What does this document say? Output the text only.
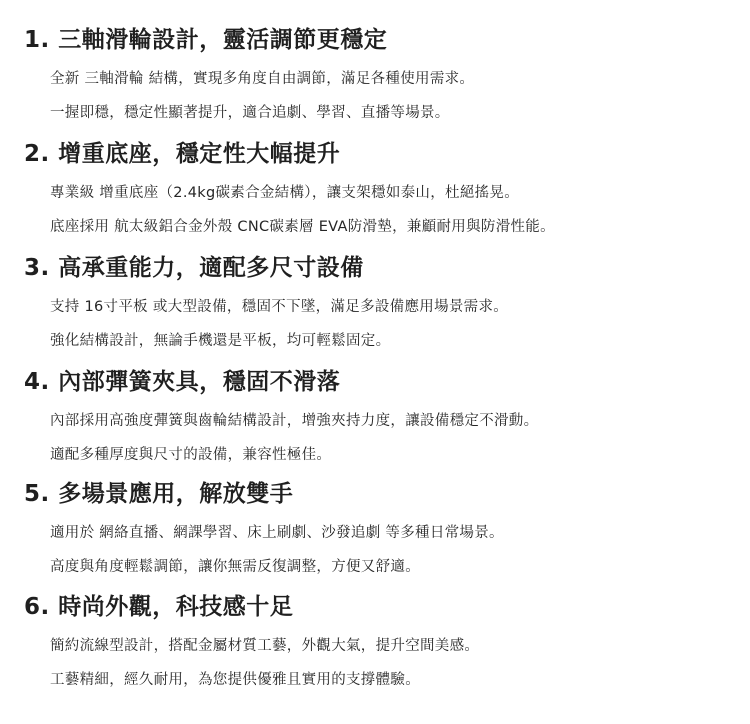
1. 三軸滑輪設計，靈活調節更穩定
全新 三軸滑輪 結構，實現多角度自由調節，滿足各種使用需求。
一握即穩，穩定性顯著提升，適合追劇、學習、直播等場景。
2. 增重底座，穩定性大幅提升
專業級 增重底座（2.4kg碳素合金結構），讓支架穩如泰山，杜絕搖晃。
底座採用 航太級鋁合金外殼 CNC碳素層 EVA防滑墊，兼顧耐用與防滑性能。
3. 高承重能力，適配多尺寸設備
支持 16寸平板 或大型設備，穩固不下墜，滿足多設備應用場景需求。
強化結構設計，無論手機還是平板，均可輕鬆固定。
4. 內部彈簧夾具，穩固不滑落
內部採用高強度彈簧與齒輪結構設計，增強夾持力度，讓設備穩定不滑動。
適配多種厚度與尺寸的設備，兼容性極佳。
5. 多場景應用，解放雙手
適用於 網絡直播、網課學習、床上刷劇、沙發追劇 等多種日常場景。
高度與角度輕鬆調節，讓你無需反復調整，方便又舒適。
6. 時尚外觀，科技感十足
簡約流線型設計，搭配金屬材質工藝，外觀大氣，提升空間美感。
工藝精細，經久耐用，為您提供優雅且實用的支撐體驗。
